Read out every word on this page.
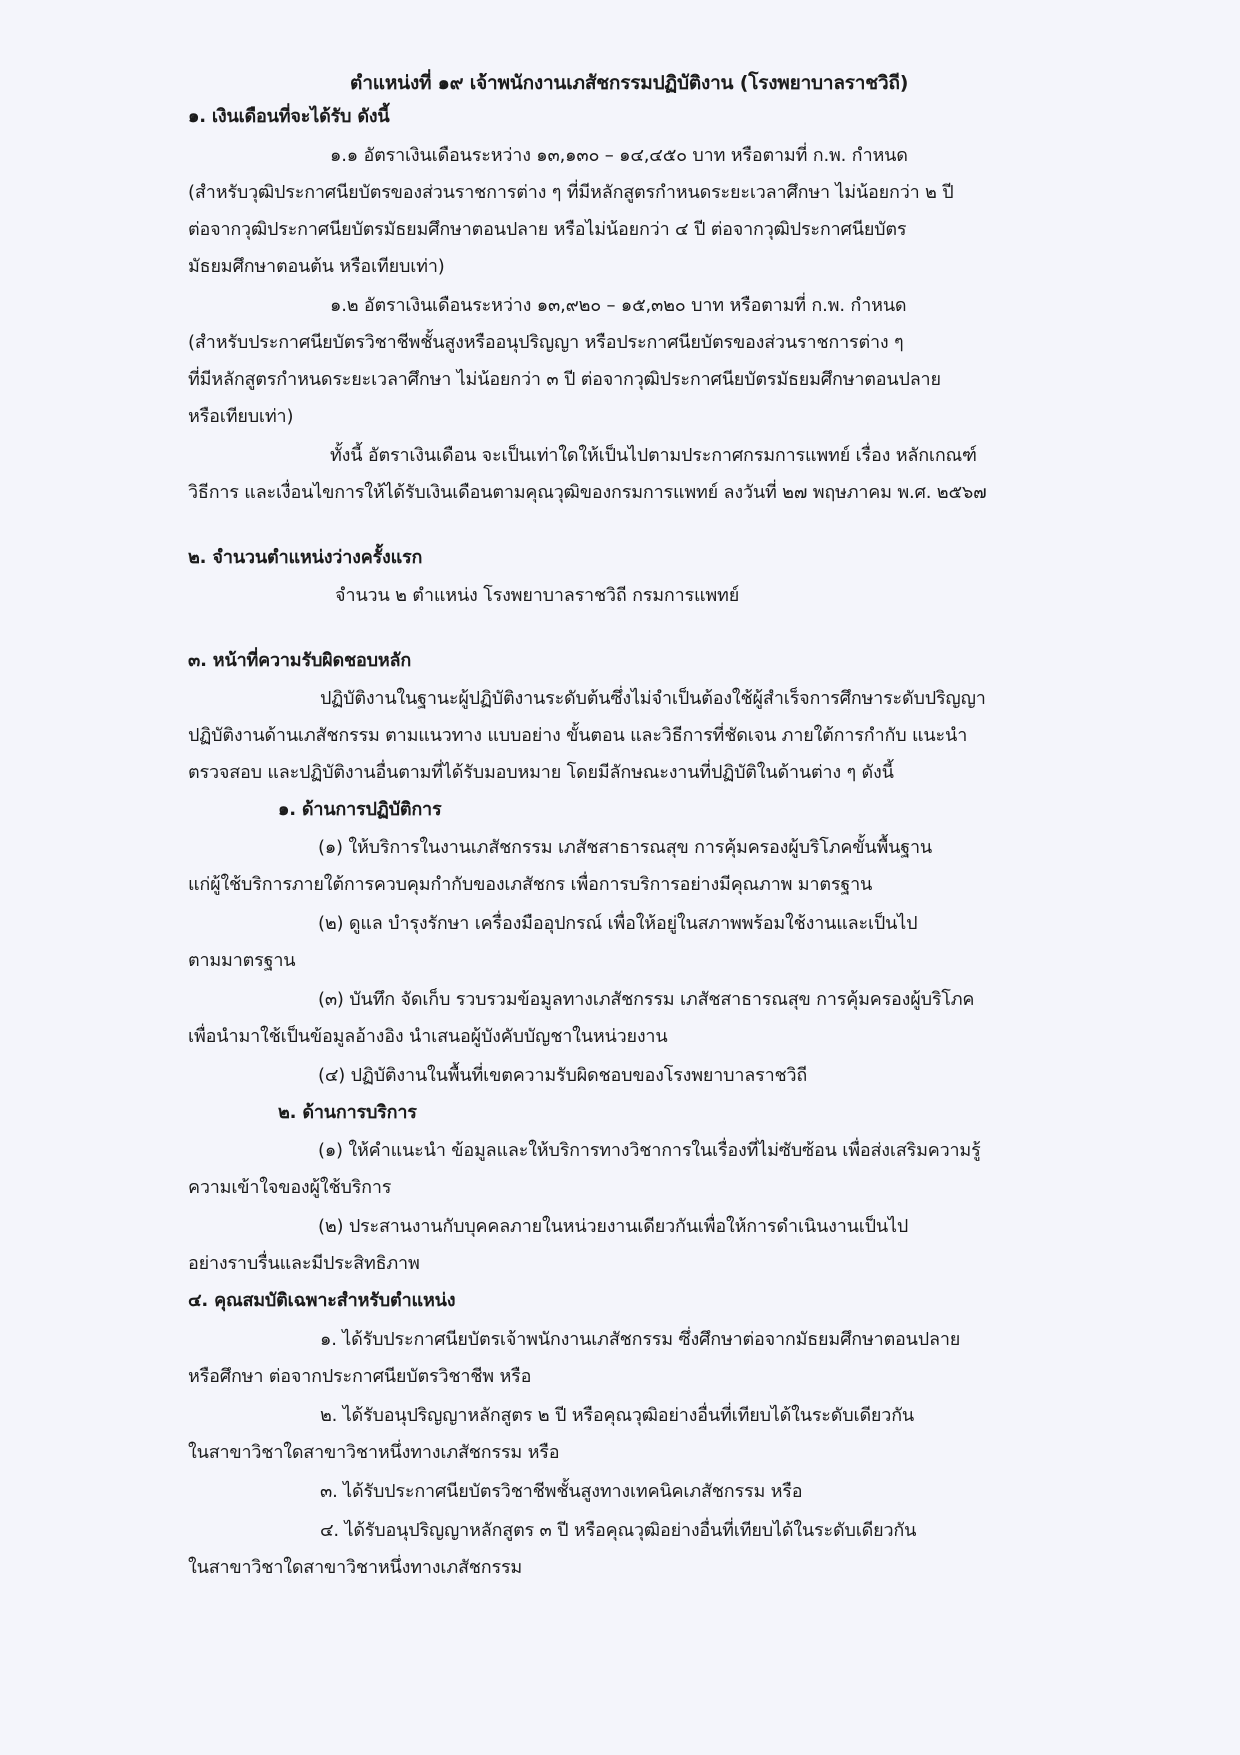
ตำแหน่งที่ ๑๙ เจ้าพนักงานเภสัชกรรมปฏิบัติงาน (โรงพยาบาลราชวิถี)
๑. เงินเดือนที่จะได้รับ ดังนี้
๑.๑ อัตราเงินเดือนระหว่าง ๑๓,๑๓๐ – ๑๔,๔๕๐ บาท หรือตามที่ ก.พ. กำหนด
(สำหรับวุฒิประกาศนียบัตรของส่วนราชการต่าง ๆ ที่มีหลักสูตรกำหนดระยะเวลาศึกษา ไม่น้อยกว่า ๒ ปี
ต่อจากวุฒิประกาศนียบัตรมัธยมศึกษาตอนปลาย หรือไม่น้อยกว่า ๔ ปี ต่อจากวุฒิประกาศนียบัตร
มัธยมศึกษาตอนต้น หรือเทียบเท่า)
๑.๒ อัตราเงินเดือนระหว่าง ๑๓,๙๒๐ – ๑๕,๓๒๐ บาท หรือตามที่ ก.พ. กำหนด
(สำหรับประกาศนียบัตรวิชาชีพชั้นสูงหรืออนุปริญญา หรือประกาศนียบัตรของส่วนราชการต่าง ๆ
ที่มีหลักสูตรกำหนดระยะเวลาศึกษา ไม่น้อยกว่า ๓ ปี ต่อจากวุฒิประกาศนียบัตรมัธยมศึกษาตอนปลาย
หรือเทียบเท่า)
ทั้งนี้ อัตราเงินเดือน จะเป็นเท่าใดให้เป็นไปตามประกาศกรมการแพทย์ เรื่อง หลักเกณฑ์
วิธีการ และเงื่อนไขการให้ได้รับเงินเดือนตามคุณวุฒิของกรมการแพทย์ ลงวันที่ ๒๗ พฤษภาคม พ.ศ. ๒๕๖๗
๒. จำนวนตำแหน่งว่างครั้งแรก
จำนวน ๒ ตำแหน่ง โรงพยาบาลราชวิถี กรมการแพทย์
๓. หน้าที่ความรับผิดชอบหลัก
ปฏิบัติงานในฐานะผู้ปฏิบัติงานระดับต้นซึ่งไม่จำเป็นต้องใช้ผู้สำเร็จการศึกษาระดับปริญญา
ปฏิบัติงานด้านเภสัชกรรม ตามแนวทาง แบบอย่าง ขั้นตอน และวิธีการที่ชัดเจน ภายใต้การกำกับ แนะนำ
ตรวจสอบ และปฏิบัติงานอื่นตามที่ได้รับมอบหมาย โดยมีลักษณะงานที่ปฏิบัติในด้านต่าง ๆ ดังนี้
๑. ด้านการปฏิบัติการ
(๑) ให้บริการในงานเภสัชกรรม เภสัชสาธารณสุข การคุ้มครองผู้บริโภคขั้นพื้นฐาน
แก่ผู้ใช้บริการภายใต้การควบคุมกำกับของเภสัชกร เพื่อการบริการอย่างมีคุณภาพ มาตรฐาน
(๒) ดูแล บำรุงรักษา เครื่องมืออุปกรณ์ เพื่อให้อยู่ในสภาพพร้อมใช้งานและเป็นไป
ตามมาตรฐาน
(๓) บันทึก จัดเก็บ รวบรวมข้อมูลทางเภสัชกรรม เภสัชสาธารณสุข การคุ้มครองผู้บริโภค
เพื่อนำมาใช้เป็นข้อมูลอ้างอิง นำเสนอผู้บังคับบัญชาในหน่วยงาน
(๔) ปฏิบัติงานในพื้นที่เขตความรับผิดชอบของโรงพยาบาลราชวิถี
๒. ด้านการบริการ
(๑) ให้คำแนะนำ ข้อมูลและให้บริการทางวิชาการในเรื่องที่ไม่ซับซ้อน เพื่อส่งเสริมความรู้
ความเข้าใจของผู้ใช้บริการ
(๒) ประสานงานกับบุคคลภายในหน่วยงานเดียวกันเพื่อให้การดำเนินงานเป็นไป
อย่างราบรื่นและมีประสิทธิภาพ
๔. คุณสมบัติเฉพาะสำหรับตำแหน่ง
๑. ได้รับประกาศนียบัตรเจ้าพนักงานเภสัชกรรม ซึ่งศึกษาต่อจากมัธยมศึกษาตอนปลาย
หรือศึกษา ต่อจากประกาศนียบัตรวิชาชีพ หรือ
๒. ได้รับอนุปริญญาหลักสูตร ๒ ปี หรือคุณวุฒิอย่างอื่นที่เทียบได้ในระดับเดียวกัน
ในสาขาวิชาใดสาขาวิชาหนึ่งทางเภสัชกรรม หรือ
๓. ได้รับประกาศนียบัตรวิชาชีพชั้นสูงทางเทคนิคเภสัชกรรม หรือ
๔. ได้รับอนุปริญญาหลักสูตร ๓ ปี หรือคุณวุฒิอย่างอื่นที่เทียบได้ในระดับเดียวกัน
ในสาขาวิชาใดสาขาวิชาหนึ่งทางเภสัชกรรม
